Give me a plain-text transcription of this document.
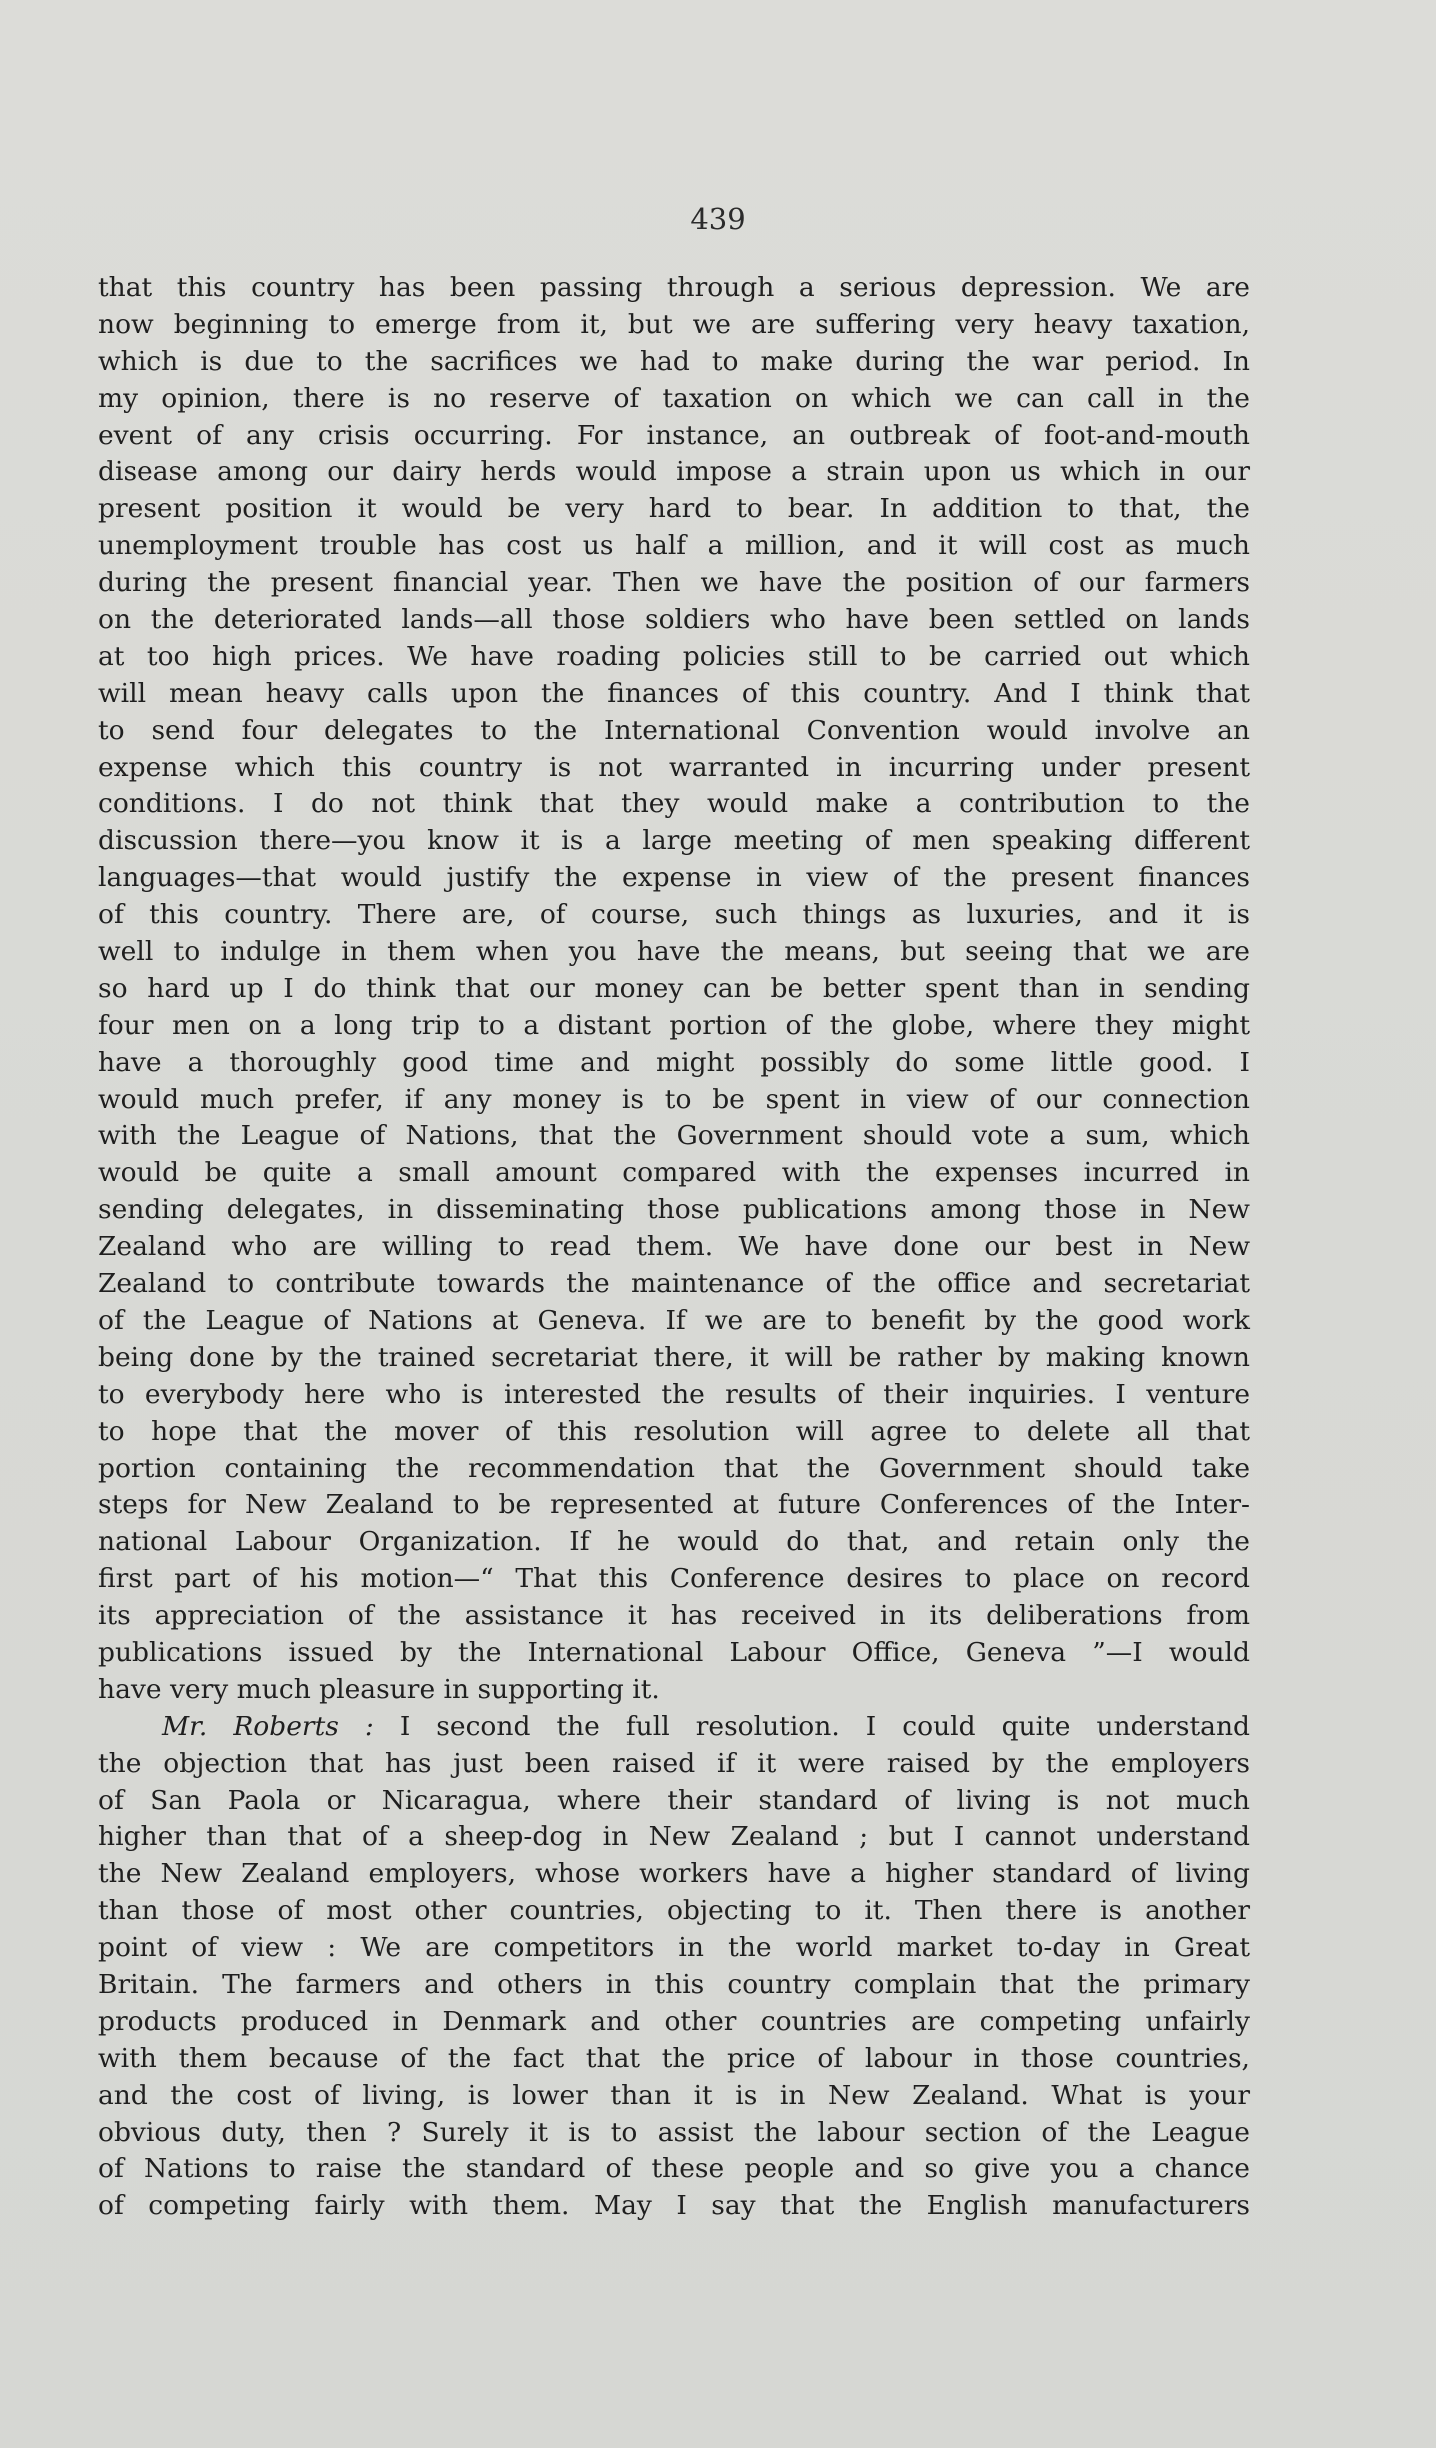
439
that this country has been passing through a serious depression. We are
now beginning to emerge from it, but we are suffering very heavy taxation,
which is due to the sacrifices we had to make during the war period. In
my opinion, there is no reserve of taxation on which we can call in the
event of any crisis occurring. For instance, an outbreak of foot-and-mouth
disease among our dairy herds would impose a strain upon us which in our
present position it would be very hard to bear. In addition to that, the
unemployment trouble has cost us half a million, and it will cost as much
during the present financial year. Then we have the position of our farmers
on the deteriorated lands—all those soldiers who have been settled on lands
at too high prices. We have roading policies still to be carried out which
will mean heavy calls upon the finances of this country. And I think that
to send four delegates to the International Convention would involve an
expense which this country is not warranted in incurring under present
conditions. I do not think that they would make a contribution to the
discussion there—you know it is a large meeting of men speaking different
languages—that would justify the expense in view of the present finances
of this country. There are, of course, such things as luxuries, and it is
well to indulge in them when you have the means, but seeing that we are
so hard up I do think that our money can be better spent than in sending
four men on a long trip to a distant portion of the globe, where they might
have a thoroughly good time and might possibly do some little good. I
would much prefer, if any money is to be spent in view of our connection
with the League of Nations, that the Government should vote a sum, which
would be quite a small amount compared with the expenses incurred in
sending delegates, in disseminating those publications among those in New
Zealand who are willing to read them. We have done our best in New
Zealand to contribute towards the maintenance of the office and secretariat
of the League of Nations at Geneva. If we are to benefit by the good work
being done by the trained secretariat there, it will be rather by making known
to everybody here who is interested the results of their inquiries. I venture
to hope that the mover of this resolution will agree to delete all that
portion containing the recommendation that the Government should take
steps for New Zealand to be represented at future Conferences of the Inter-
national Labour Organization. If he would do that, and retain only the
first part of his motion—“ That this Conference desires to place on record
its appreciation of the assistance it has received in its deliberations from
publications issued by the International Labour Office, Geneva ”—I would
have very much pleasure in supporting it.
Mr. Roberts : I second the full resolution. I could quite understand
the objection that has just been raised if it were raised by the employers
of San Paola or Nicaragua, where their standard of living is not much
higher than that of a sheep-dog in New Zealand ; but I cannot understand
the New Zealand employers, whose workers have a higher standard of living
than those of most other countries, objecting to it. Then there is another
point of view : We are competitors in the world market to-day in Great
Britain. The farmers and others in this country complain that the primary
products produced in Denmark and other countries are competing unfairly
with them because of the fact that the price of labour in those countries,
and the cost of living, is lower than it is in New Zealand. What is your
obvious duty, then ? Surely it is to assist the labour section of the League
of Nations to raise the standard of these people and so give you a chance
of competing fairly with them. May I say that the English manufacturers
